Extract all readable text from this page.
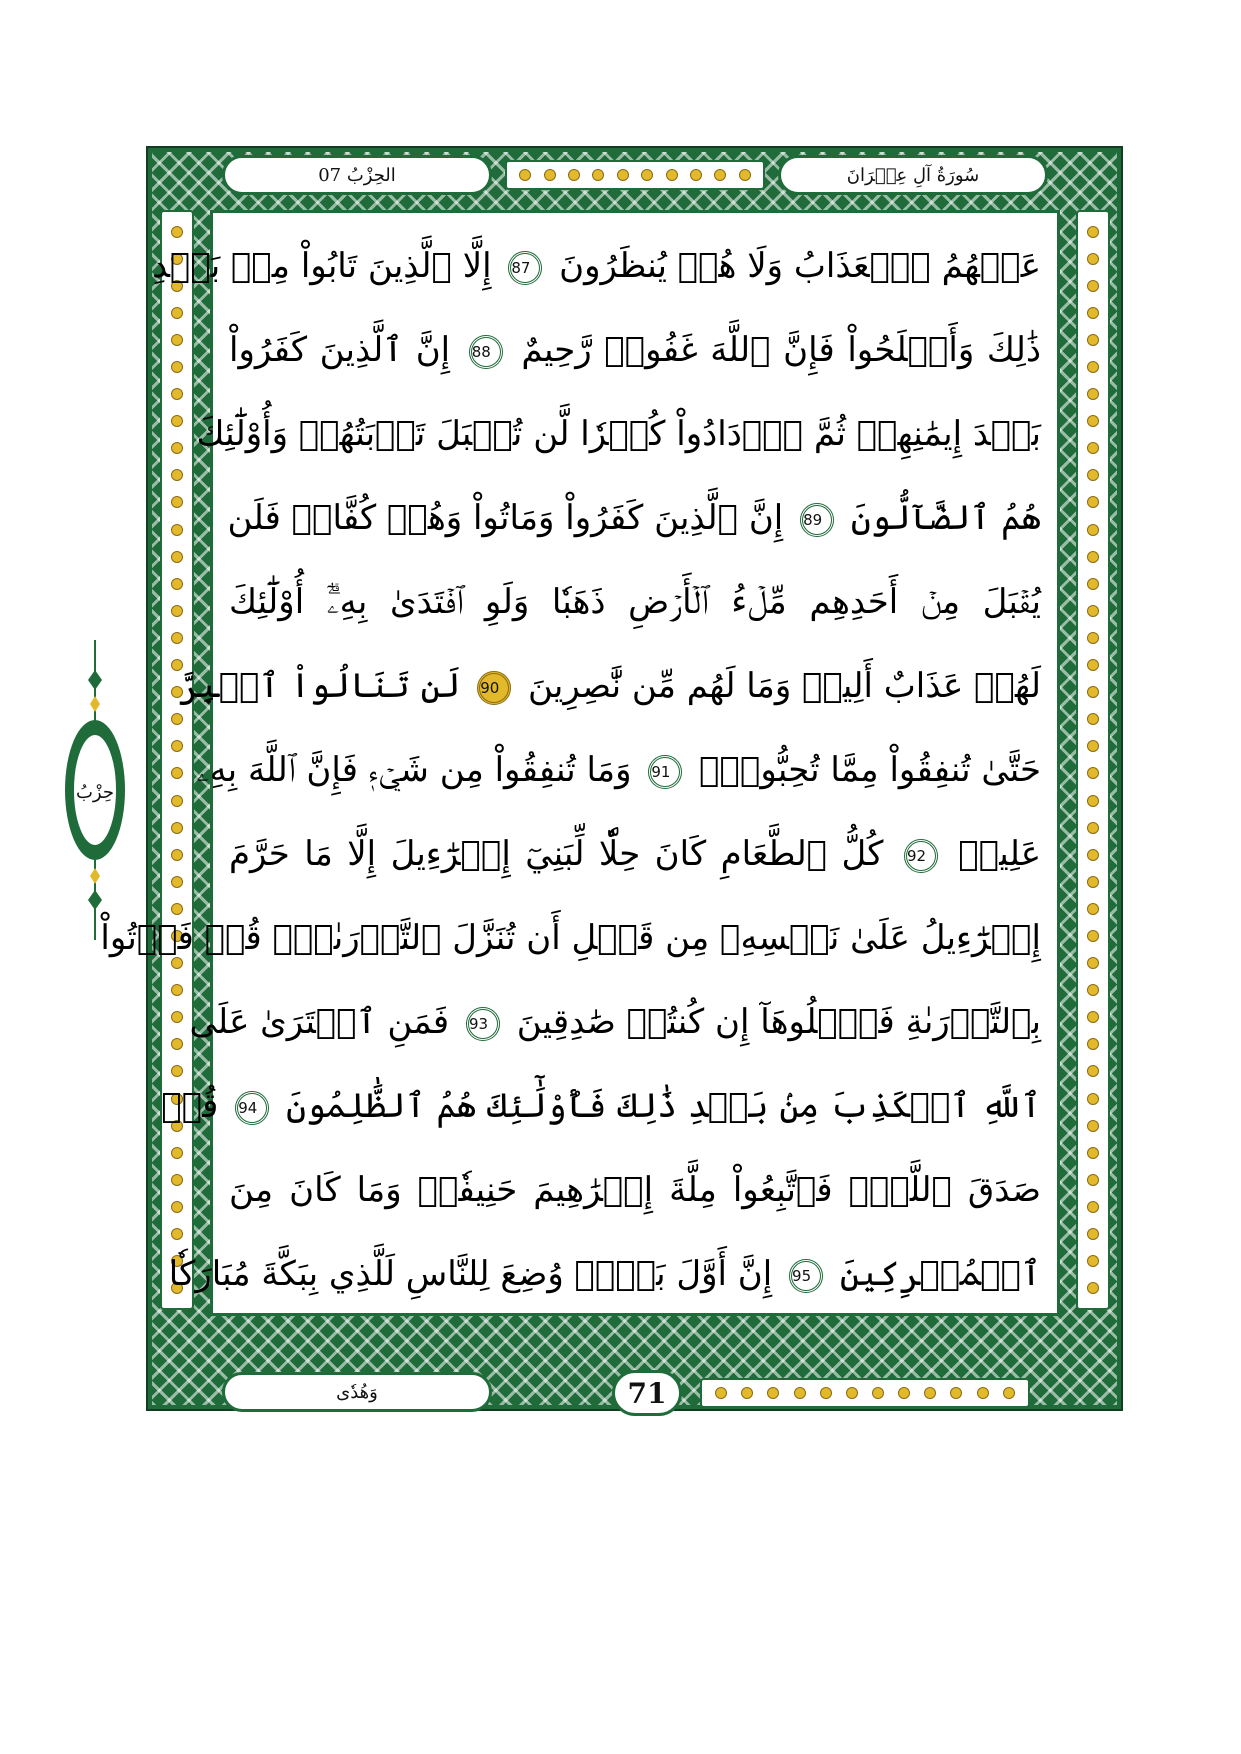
الحِزْبُ 07	سُورَةُ آلِ عِمۡرَانَ
عَنۡهُمُ ٱلۡعَذَابُ وَلَا هُمۡ يُنظَرُونَ 87 إِلَّا ٱلَّذِينَ تَابُواْ مِنۢ بَعۡدِ
ذَٰلِكَ وَأَصۡلَحُواْ فَإِنَّ ٱللَّهَ غَفُورٞ رَّحِيمٌ 88 إِنَّ ٱلَّذِينَ كَفَرُواْ
بَعۡدَ إِيمَٰنِهِمۡ ثُمَّ ٱزۡدَادُواْ كُفۡرٗا لَّن تُقۡبَلَ تَوۡبَتُهُمۡ وَأُوْلَٰٓئِكَ
هُمُ ٱلضَّآلُّونَ 89 إِنَّ ٱلَّذِينَ كَفَرُواْ وَمَاتُواْ وَهُمۡ كُفَّارٞ فَلَن
يُقۡبَلَ مِنۡ أَحَدِهِم مِّلۡءُ ٱلۡأَرۡضِ ذَهَبٗا وَلَوِ ٱفۡتَدَىٰ بِهِۦٓۗ أُوْلَٰٓئِكَ
لَهُمۡ عَذَابٌ أَلِيمٞ وَمَا لَهُم مِّن نَّٰصِرِينَ 90 لَن تَنَالُواْ ٱلۡبِرَّ
حَتَّىٰ تُنفِقُواْ مِمَّا تُحِبُّونَۚ 91 وَمَا تُنفِقُواْ مِن شَيۡءٖ فَإِنَّ ٱللَّهَ بِهِۦ
عَلِيمٞ 92 كُلُّ ٱلطَّعَامِ كَانَ حِلّٗا لِّبَنِيٓ إِسۡرَٰٓءِيلَ إِلَّا مَا حَرَّمَ
إِسۡرَٰٓءِيلُ عَلَىٰ نَفۡسِهِۦ مِن قَبۡلِ أَن تُنَزَّلَ ٱلتَّوۡرَىٰةُۚ قُلۡ فَأۡتُواْ
بِٱلتَّوۡرَىٰةِ فَٱتۡلُوهَآ إِن كُنتُمۡ صَٰدِقِينَ 93 فَمَنِ ٱفۡتَرَىٰ عَلَى
ٱللَّهِ ٱلۡكَذِبَ مِنۢ بَعۡدِ ذَٰلِكَ فَأُوْلَٰٓئِكَ هُمُ ٱلظَّٰلِمُونَ 94 قُلۡ
صَدَقَ ٱللَّهُۗ فَٱتَّبِعُواْ مِلَّةَ إِبۡرَٰهِيمَ حَنِيفٗاۖ وَمَا كَانَ مِنَ
ٱلۡمُشۡرِكِينَ 95 إِنَّ أَوَّلَ بَيۡتٖ وُضِعَ لِلنَّاسِ لَلَّذِي بِبَكَّةَ مُبَارَكٗا
وَهُدٗى	71
حِزْبُ
